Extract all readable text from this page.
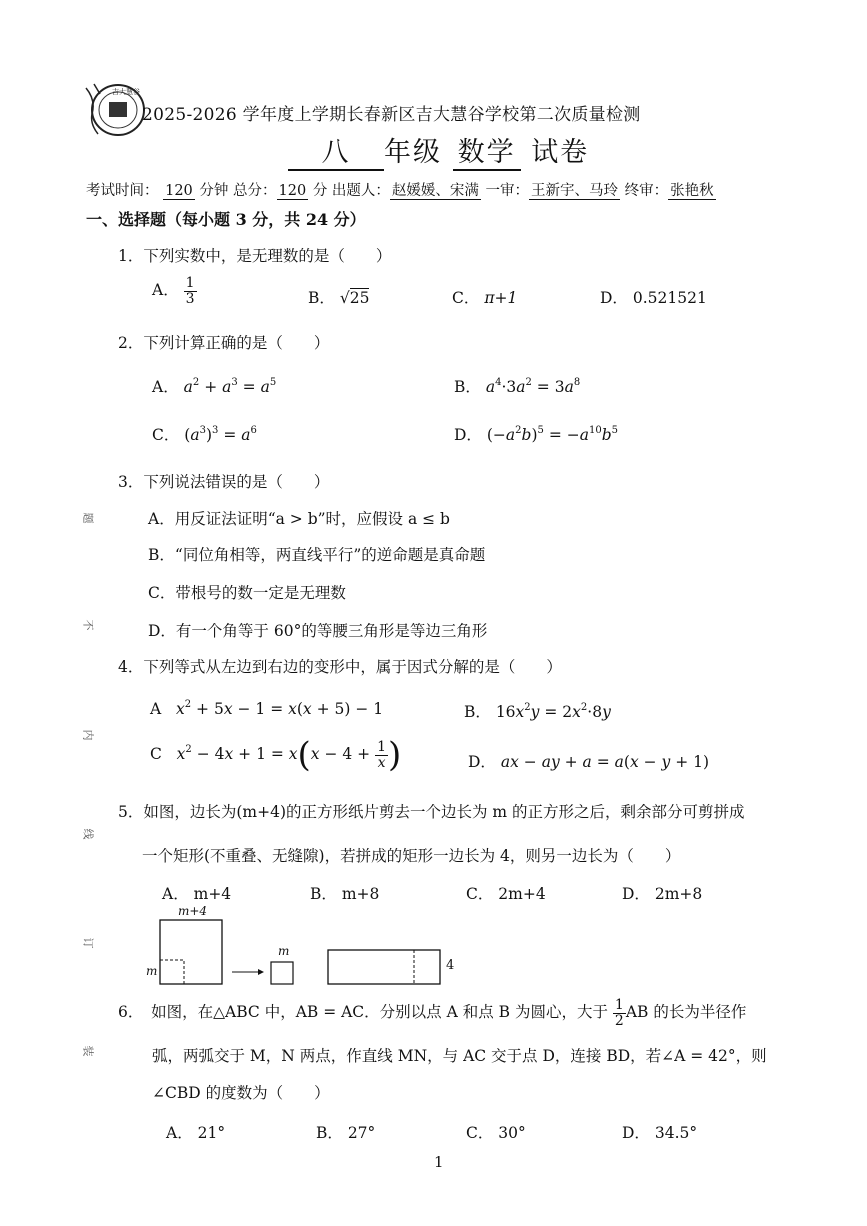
吉大慧谷
2025-2026 学年度上学期长春新区吉大慧谷学校第二次质量检测
八 年级 数学 试卷
考试时间： 120 分钟 总分： 120 分 出题人： 赵媛媛、宋满 一审： 王新宇、马玲 终审： 张艳秋
一、选择题（每小题 3 分，共 24 分）
题
不
内
线
订
装
1．下列实数中，是无理数的是（　　）
A． $\frac{1}{3}$	B． √25	C． π+1	D． 0.521521
2．下列计算正确的是（　　）
A． $a^2 + a^3 = a^5$	B． $a^4\cdot 3a^2 = 3a^8$
C． $(a^3)^3 = a^6$	D． $(-a^2b)^5 = -a^{10}b^5$
3．下列说法错误的是（　　）
A．用反证法证明“a > b”时，应假设 a ≤ b
B．“同位角相等，两直线平行”的逆命题是真命题
C．带根号的数一定是无理数
D．有一个角等于 60°的等腰三角形是等边三角形
4．下列等式从左边到右边的变形中，属于因式分解的是（　　）
A $x^2 + 5x - 1 = x(x + 5) - 1$	B． $16x^2y = 2x^2\cdot 8y$
C $x^2 - 4x + 1 = x(x - 4 + \frac{1}{x}$ )	D． ax − ay + a = a(x − y + 1)
5．如图，边长为(m+4)的正方形纸片剪去一个边长为 m 的正方形之后，剩余部分可剪拼成
一个矩形(不重叠、无缝隙)，若拼成的矩形一边长为 4，则另一边长为（　　）
A． m+4	B． m+8	C． 2m+4	D． 2m+8
m+4
m
m
4
6．　如图，在△ABC 中，AB = AC．分别以点 A 和点 B 为圆心，大于 $\frac{1}{2}$ AB 的长为半径作
弧，两弧交于 M，N 两点，作直线 MN，与 AC 交于点 D，连接 BD，若∠A = 42°，则
∠CBD 的度数为（　　）
A． 21°	B． 27°	C． 30°	D． 34.5°
1
